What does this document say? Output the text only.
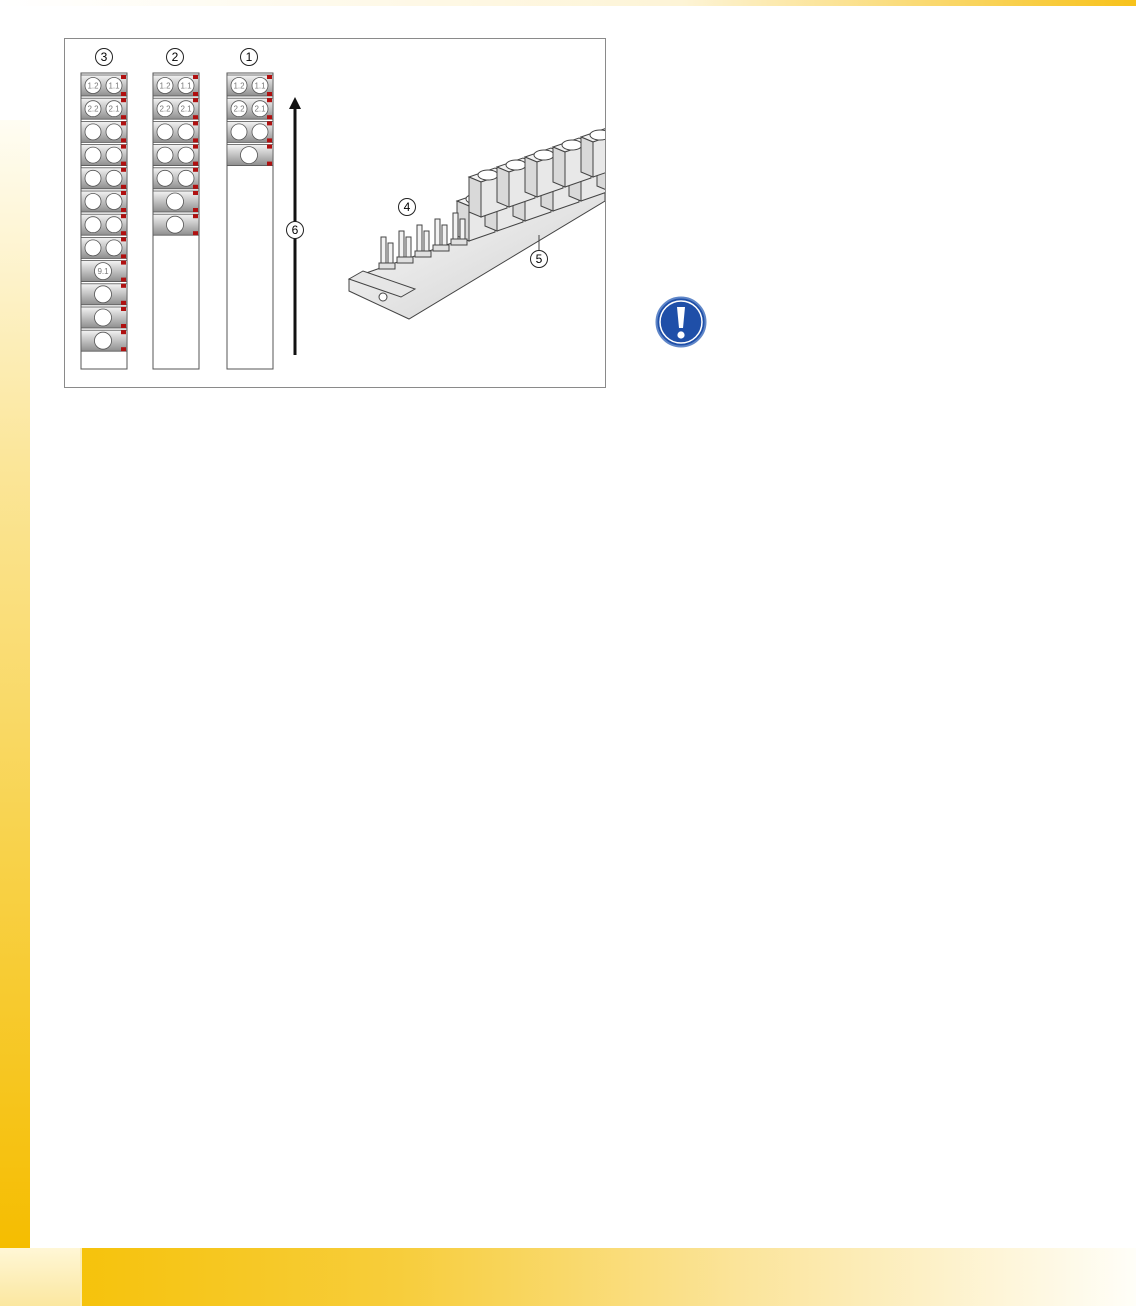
1.2 1.1
2.2 2.1
9.1
1.2 1.1
2.2 2.1
1.2 1.1
2.2 2.1
3	2	1
6
4
5
